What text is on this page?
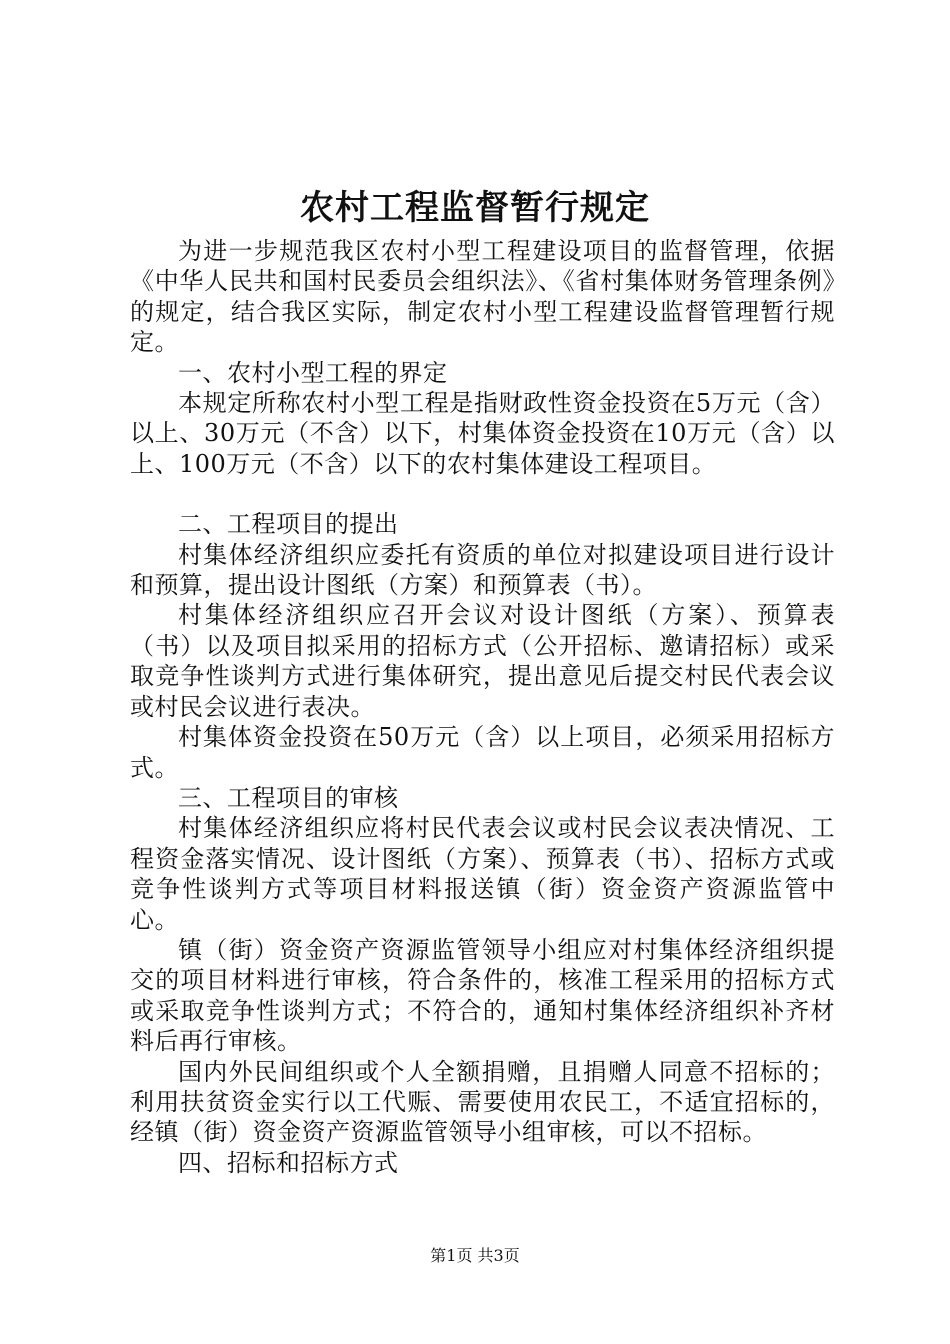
农村工程监督暂行规定

为进一步规范我区农村小型工程建设项目的监督管理，依据《中华人民共和国村民委员会组织法》、《省村集体财务管理条例》的规定，结合我区实际，制定农村小型工程建设监督管理暂行规定。

一、农村小型工程的界定

本规定所称农村小型工程是指财政性资金投资在5万元（含）以上、30万元（不含）以下，村集体资金投资在10万元（含）以上、100万元（不含）以下的农村集体建设工程项目。

二、工程项目的提出

村集体经济组织应委托有资质的单位对拟建设项目进行设计和预算，提出设计图纸（方案）和预算表（书）。

村集体经济组织应召开会议对设计图纸（方案）、预算表（书）以及项目拟采用的招标方式（公开招标、邀请招标）或采取竞争性谈判方式进行集体研究，提出意见后提交村民代表会议或村民会议进行表决。

村集体资金投资在50万元（含）以上项目，必须采用招标方式。

三、工程项目的审核

村集体经济组织应将村民代表会议或村民会议表决情况、工程资金落实情况、设计图纸（方案）、预算表（书）、招标方式或竞争性谈判方式等项目材料报送镇（街）资金资产资源监管中心。

镇（街）资金资产资源监管领导小组应对村集体经济组织提交的项目材料进行审核，符合条件的，核准工程采用的招标方式或采取竞争性谈判方式；不符合的，通知村集体经济组织补齐材料后再行审核。

国内外民间组织或个人全额捐赠，且捐赠人同意不招标的；利用扶贫资金实行以工代赈、需要使用农民工，不适宜招标的，经镇（街）资金资产资源监管领导小组审核，可以不招标。

四、招标和招标方式

第1页 共3页
